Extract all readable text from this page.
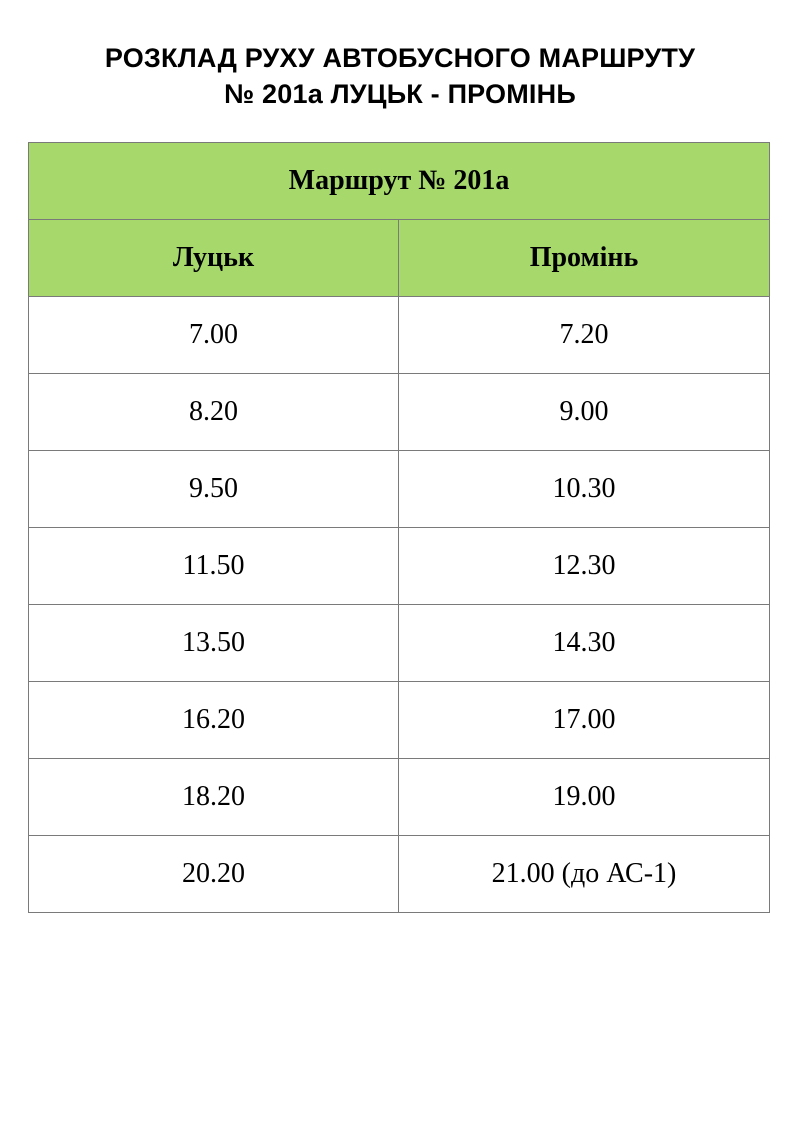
РОЗКЛАД РУХУ АВТОБУСНОГО МАРШРУТУ
№ 201а ЛУЦЬК - ПРОМІНЬ
Маршрут № 201а	
Луцьк	Промінь
7.00	7.20
8.20	9.00
9.50	10.30
11.50	12.30
13.50	14.30
16.20	17.00
18.20	19.00
20.20	21.00 (до АС-1)
